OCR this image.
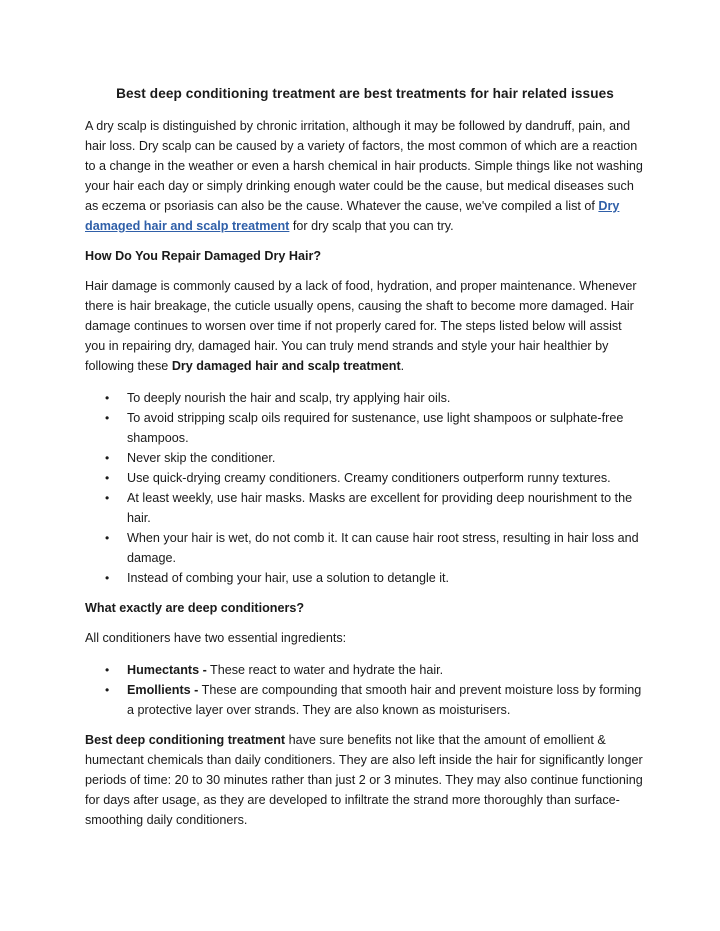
Best deep conditioning treatment are best treatments for hair related issues

A dry scalp is distinguished by chronic irritation, although it may be followed by dandruff, pain, and hair loss. Dry scalp can be caused by a variety of factors, the most common of which are a reaction to a change in the weather or even a harsh chemical in hair products. Simple things like not washing your hair each day or simply drinking enough water could be the cause, but medical diseases such as eczema or psoriasis can also be the cause. Whatever the cause, we've compiled a list of Dry damaged hair and scalp treatment for dry scalp that you can try.

How Do You Repair Damaged Dry Hair?

Hair damage is commonly caused by a lack of food, hydration, and proper maintenance. Whenever there is hair breakage, the cuticle usually opens, causing the shaft to become more damaged. Hair damage continues to worsen over time if not properly cared for. The steps listed below will assist you in repairing dry, damaged hair. You can truly mend strands and style your hair healthier by following these Dry damaged hair and scalp treatment.

• To deeply nourish the hair and scalp, try applying hair oils.
• To avoid stripping scalp oils required for sustenance, use light shampoos or sulphate-free shampoos.
• Never skip the conditioner.
• Use quick-drying creamy conditioners. Creamy conditioners outperform runny textures.
• At least weekly, use hair masks. Masks are excellent for providing deep nourishment to the hair.
• When your hair is wet, do not comb it. It can cause hair root stress, resulting in hair loss and damage.
• Instead of combing your hair, use a solution to detangle it.
What exactly are deep conditioners?

All conditioners have two essential ingredients:

• Humectants - These react to water and hydrate the hair.
• Emollients - These are compounding that smooth hair and prevent moisture loss by forming a protective layer over strands. They are also known as moisturisers.

Best deep conditioning treatment have sure benefits not like that the amount of emollient & humectant chemicals than daily conditioners. They are also left inside the hair for significantly longer periods of time: 20 to 30 minutes rather than just 2 or 3 minutes. They may also continue functioning for days after usage, as they are developed to infiltrate the strand more thoroughly than surface-smoothing daily conditioners.
